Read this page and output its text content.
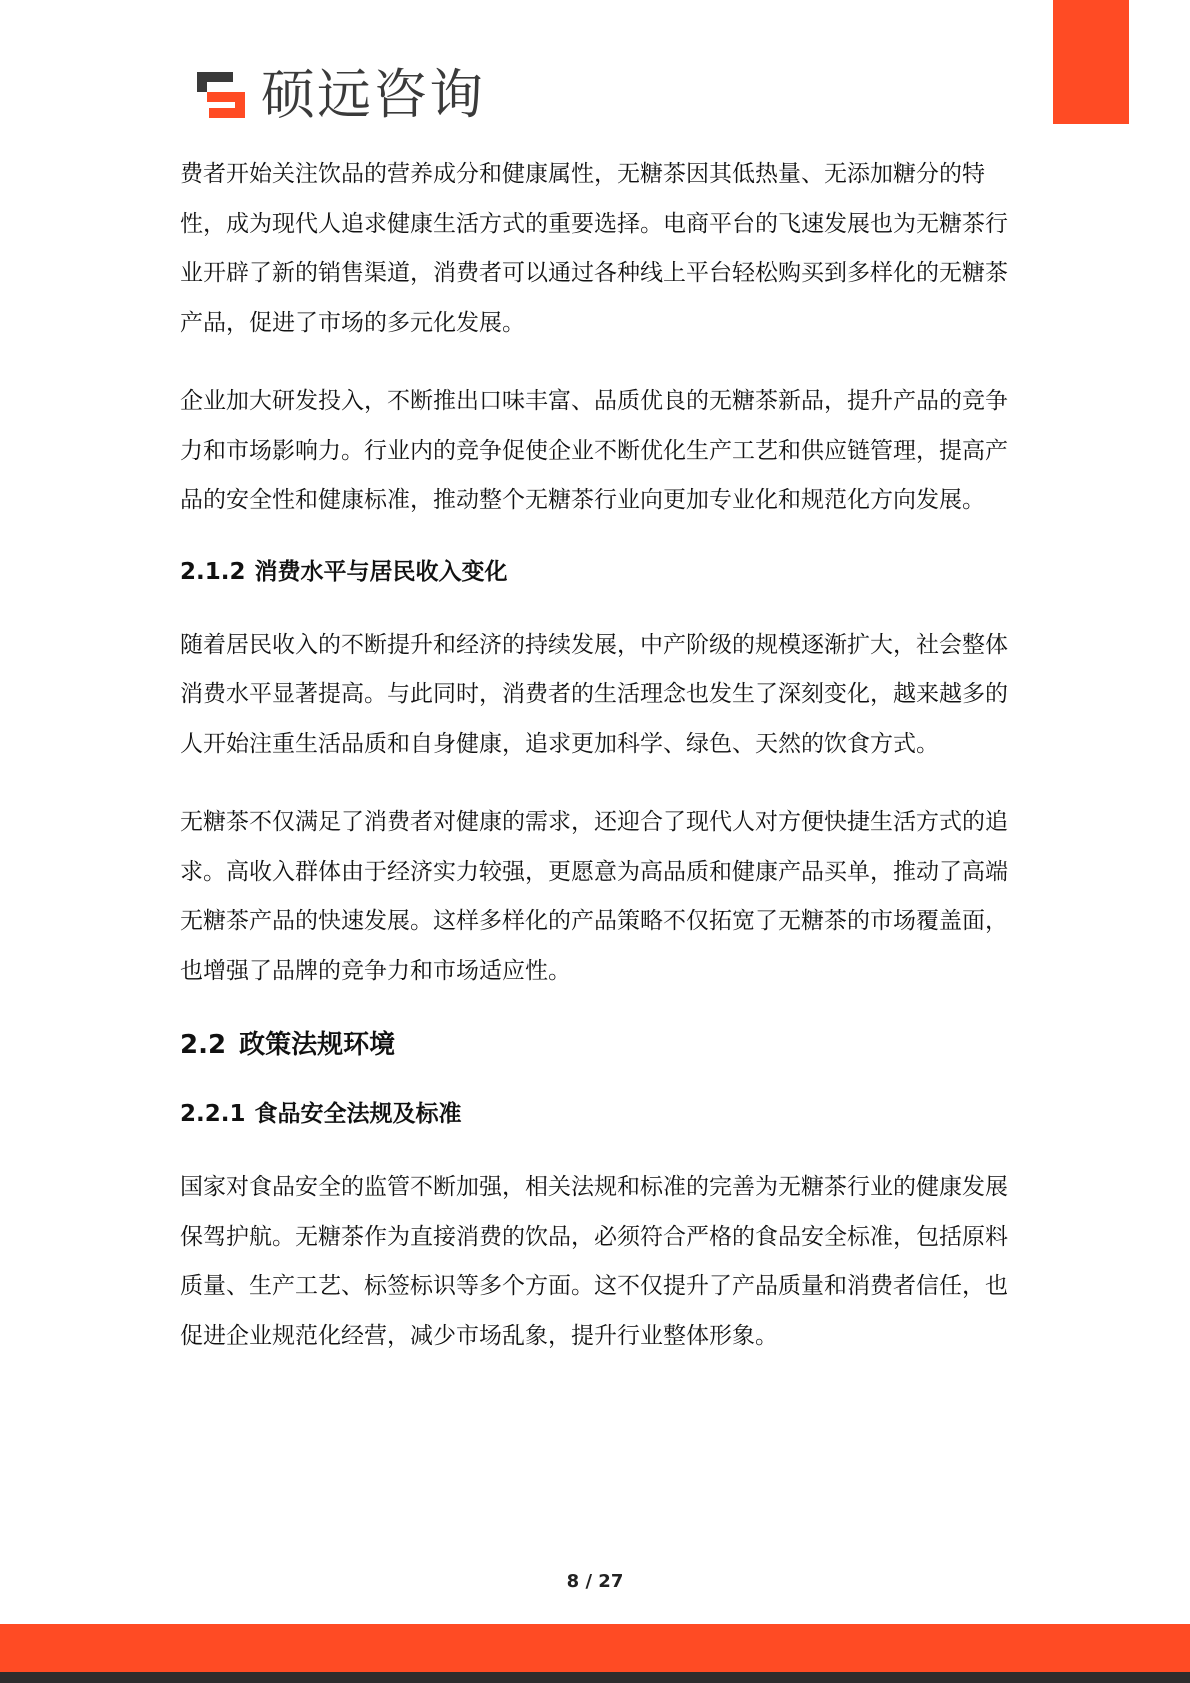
硕远咨询

费者开始关注饮品的营养成分和健康属性，无糖茶因其低热量、无添加糖分的特性，成为现代人追求健康生活方式的重要选择。电商平台的飞速发展也为无糖茶行业开辟了新的销售渠道，消费者可以通过各种线上平台轻松购买到多样化的无糖茶产品，促进了市场的多元化发展。

企业加大研发投入，不断推出口味丰富、品质优良的无糖茶新品，提升产品的竞争力和市场影响力。行业内的竞争促使企业不断优化生产工艺和供应链管理，提高产品的安全性和健康标准，推动整个无糖茶行业向更加专业化和规范化方向发展。

2.1.2 消费水平与居民收入变化

随着居民收入的不断提升和经济的持续发展，中产阶级的规模逐渐扩大，社会整体消费水平显著提高。与此同时，消费者的生活理念也发生了深刻变化，越来越多的人开始注重生活品质和自身健康，追求更加科学、绿色、天然的饮食方式。

无糖茶不仅满足了消费者对健康的需求，还迎合了现代人对方便快捷生活方式的追求。高收入群体由于经济实力较强，更愿意为高品质和健康产品买单，推动了高端无糖茶产品的快速发展。这样多样化的产品策略不仅拓宽了无糖茶的市场覆盖面，也增强了品牌的竞争力和市场适应性。

2.2 政策法规环境
2.2.1 食品安全法规及标准

国家对食品安全的监管不断加强，相关法规和标准的完善为无糖茶行业的健康发展保驾护航。无糖茶作为直接消费的饮品，必须符合严格的食品安全标准，包括原料质量、生产工艺、标签标识等多个方面。这不仅提升了产品质量和消费者信任，也促进企业规范化经营，减少市场乱象，提升行业整体形象。

8 / 27
